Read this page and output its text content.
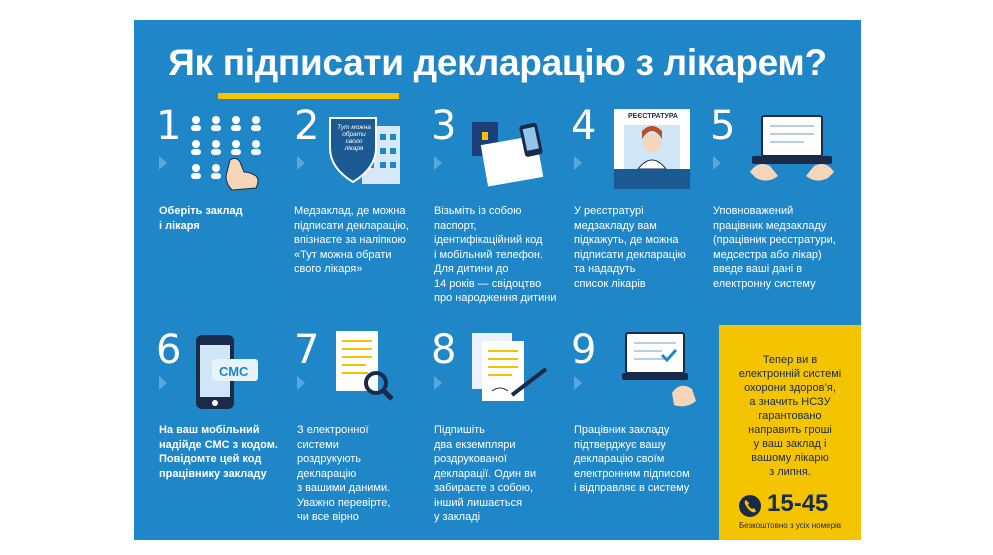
Як підписати декларацію з лікарем?
1
Оберіть заклад
і лікаря
2	Тут можна
обрати
свого лікаря
Медзаклад, де можна
підписати декларацію,
впізнаєте за наліпкою
«Тут можна обрати
свого лікаря»
3
Візьміть із собою
паспорт,
ідентифікаційний код
і мобільний телефон.
Для дитини до
14 років — свідоцтво
про народження дитини
4	РЕЄСТРАТУРА
У реєстратурі
медзакладу вам
підкажуть, де можна
підписати декларацію
та нададуть
список лікарів
5
Уповноважений
працівник медзакладу
(працівник реєстратури,
медсестра або лікар)
введе ваші дані в
електронну систему
6	СМС
На ваш мобільний
надійде СМС з кодом.
Повідомте цей код
працівнику закладу
7
З електронної
системи
роздрукують
декларацію
з вашими даними.
Уважно перевірте,
чи все вірно
8
Підпишіть
два екземпляри
роздрукованої
декларації. Один ви
забираєте з собою,
інший лишається
у закладі
9
Працівник закладу
підтверджує вашу
декларацію своїм
електронним підписом
і відправляє в систему
Тепер ви в
електронній системі
охорони здоров’я,
а значить НСЗУ
гарантовано
направить гроші
у ваш заклад і
вашому лікарю
з липня.
15-45
Безкоштовно з усіх номерів
